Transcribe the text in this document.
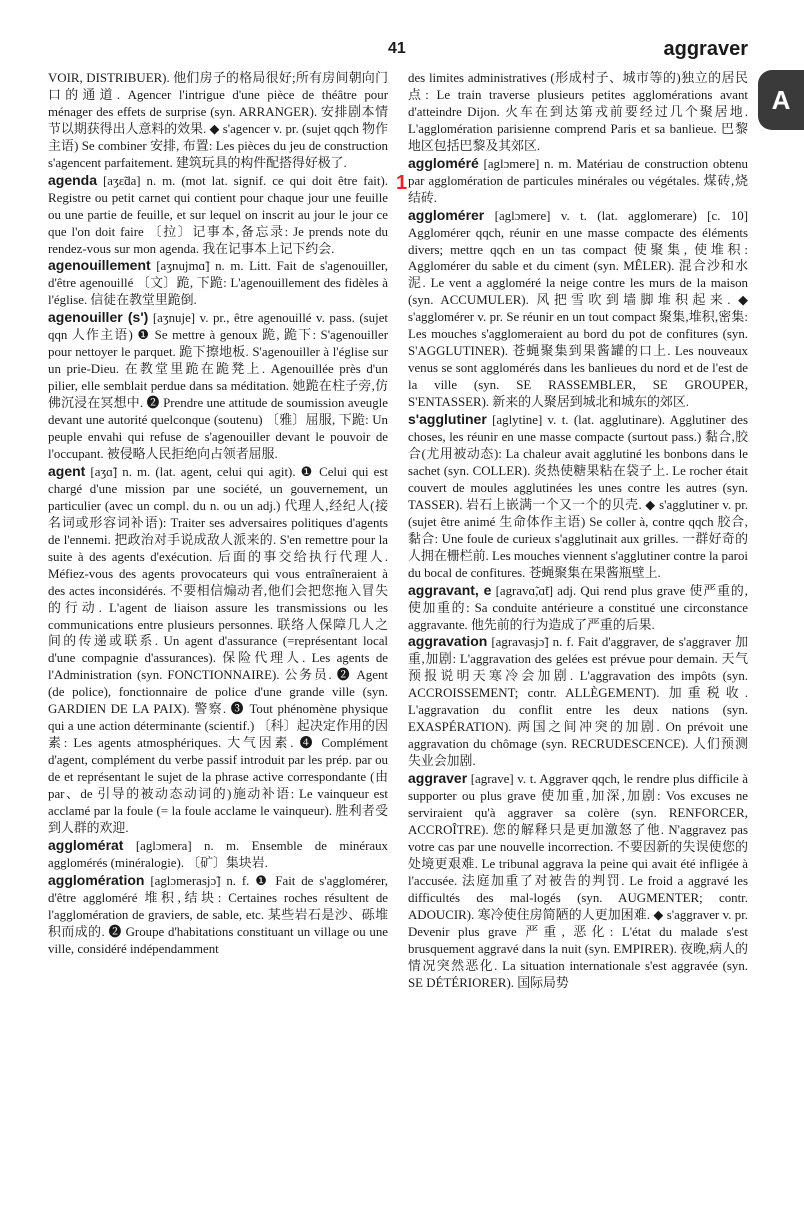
41	aggraver
A
1

VOIR, DISTRIBUER). 他们房子的格局很好;所有房间朝向门口的通道. Agencer l'intrigue d'une pièce de théâtre pour ménager des effets de surprise (syn. ARRANGER). 安排剧本情节以期获得出人意料的效果. ◆ s'agencer v. pr. (sujet qqch 物作主语) Se combiner 安排, 布置: Les pièces du jeu de construction s'agencent parfaitement. 建筑玩具的构件配搭得好极了.

agenda [aʒɛ̃da] n. m. (mot lat. signif. ce qui doit être fait). Registre ou petit carnet qui contient pour chaque jour une feuille ou une partie de feuille, et sur lequel on inscrit au jour le jour ce que l'on doit faire 〔拉〕记事本,备忘录: Je prends note du rendez-vous sur mon agenda. 我在记事本上记下约会.

agenouillement [aʒnujmɑ̃] n. m. Litt. Fait de s'agenouiller, d'être agenouillé 〔文〕跪, 下跪: L'agenouillement des fidèles à l'église. 信徒在教堂里跪倒.

agenouiller (s') [aʒnuje] v. pr., être agenouillé v. pass. (sujet qqn 人作主语) ❶ Se mettre à genoux 跪, 跪下: S'agenouiller pour nettoyer le parquet. 跪下擦地板. S'agenouiller à l'église sur un prie-Dieu. 在教堂里跪在跪凳上. Agenouillée près d'un pilier, elle semblait perdue dans sa méditation. 她跪在柱子旁,仿佛沉浸在冥想中. ❷ Prendre une attitude de soumission aveugle devant une autorité quelconque (soutenu) 〔雅〕屈服, 下跪: Un peuple envahi qui refuse de s'agenouiller devant le pouvoir de l'occupant. 被侵略人民拒绝向占领者屈服.

agent [aʒɑ̃] n. m. (lat. agent, celui qui agit). ❶ Celui qui est chargé d'une mission par une société, un gouvernement, un particulier (avec un compl. du n. ou un adj.) 代理人,经纪人(接名词或形容词补语): Traiter ses adversaires politiques d'agents de l'ennemi. 把政治对手说成敌人派来的. S'en remettre pour la suite à des agents d'exécution. 后面的事交给执行代理人. Méfiez-vous des agents provocateurs qui vous entraîneraient à des actes inconsidérés. 不要相信煽动者,他们会把您拖入冒失的行动. L'agent de liaison assure les transmissions ou les communications entre plusieurs personnes. 联络人保障几人之间的传递或联系. Un agent d'assurance (=représentant local d'une compagnie d'assurances). 保险代理人. Les agents de l'Administration (syn. FONCTIONNAIRE). 公务员. ❷ Agent (de police), fonctionnaire de police d'une grande ville (syn. GARDIEN DE LA PAIX). 警察. ❸ Tout phénomène physique qui a une action déterminante (scientif.) 〔科〕起决定作用的因素: Les agents atmosphériques. 大气因素. ❹ Complément d'agent, complément du verbe passif introduit par les prép. par ou de et représentant le sujet de la phrase active correspondante (由 par、de 引导的被动态动词的)施动补语: Le vainqueur est acclamé par la foule (= la foule acclame le vainqueur). 胜利者受到人群的欢迎.

agglomérat [aglɔmera] n. m. Ensemble de minéraux agglomérés (minéralogie). 〔矿〕集块岩.

agglomération [aglɔmerasjɔ̃] n. f. ❶ Fait de s'agglomérer, d'être aggloméré 堆积,结块: Certaines roches résultent de l'agglomération de graviers, de sable, etc. 某些岩石是沙、砾堆积而成的. ❷ Groupe d'habitations constituant un village ou une ville, considéré indépendamment

des limites administratives (形成村子、城市等的)独立的居民点: Le train traverse plusieurs petites agglomérations avant d'atteindre Dijon. 火车在到达第戎前要经过几个聚居地. L'agglomération parisienne comprend Paris et sa banlieue. 巴黎地区包括巴黎及其郊区.

aggloméré [aglɔmere] n. m. Matériau de construction obtenu par agglomération de particules minérales ou végétales. 煤砖,烧结砖.

agglomérer [aglɔmere] v. t. (lat. agglomerare) [c. 10] Agglomérer qqch, réunir en une masse compacte des éléments divers; mettre qqch en un tas compact 使聚集, 使堆积: Agglomérer du sable et du ciment (syn. MÊLER). 混合沙和水泥. Le vent a aggloméré la neige contre les murs de la maison (syn. ACCUMULER). 风把雪吹到墙脚堆积起来. ◆ s'agglomérer v. pr. Se réunir en un tout compact 聚集,堆积,密集: Les mouches s'agglomeraient au bord du pot de confitures (syn. S'AGGLUTINER). 苍蝇聚集到果酱罐的口上. Les nouveaux venus se sont agglomérés dans les banlieues du nord et de l'est de la ville (syn. SE RASSEMBLER, SE GROUPER, S'ENTASSER). 新来的人聚居到城北和城东的郊区.

s'agglutiner [aglytine] v. t. (lat. agglutinare). Agglutiner des choses, les réunir en une masse compacte (surtout pass.) 黏合,胶合(尤用被动态): La chaleur avait agglutiné les bonbons dans le sachet (syn. COLLER). 炎热使糖果粘在袋子上. Le rocher était couvert de moules agglutinées les unes contre les autres (syn. TASSER). 岩石上嵌满一个又一个的贝壳. ◆ s'agglutiner v. pr. (sujet être animé 生命体作主语) Se coller à, contre qqch 胶合,黏合: Une foule de curieux s'agglutinait aux grilles. 一群好奇的人拥在栅栏前. Les mouches viennent s'agglutiner contre la paroi du bocal de confitures. 苍蝇聚集在果酱瓶壁上.

aggravant, e [agravɑ̃,ɑ̃t] adj. Qui rend plus grave 使严重的, 使加重的: Sa conduite antérieure a constitué une circonstance aggravante. 他先前的行为造成了严重的后果.

aggravation [agravasjɔ̃] n. f. Fait d'aggraver, de s'aggraver 加重,加剧: L'aggravation des gelées est prévue pour demain. 天气预报说明天寒冷会加剧. L'aggravation des impôts (syn. ACCROISSEMENT; contr. ALLÈGEMENT). 加重税收. L'aggravation du conflit entre les deux nations (syn. EXASPÉRATION). 两国之间冲突的加剧. On prévoit une aggravation du chômage (syn. RECRUDESCENCE). 人们预测失业会加剧.

aggraver [agrave] v. t. Aggraver qqch, le rendre plus difficile à supporter ou plus grave 使加重,加深,加剧: Vos excuses ne serviraient qu'à aggraver sa colère (syn. RENFORCER, ACCROÎTRE). 您的解释只是更加激怒了他. N'aggravez pas votre cas par une nouvelle incorrection. 不要因新的失误使您的处境更艰难. Le tribunal aggrava la peine qui avait été infligée à l'accusée. 法庭加重了对被告的判罚. Le froid a aggravé les difficultés des mal-logés (syn. AUGMENTER; contr. ADOUCIR). 寒冷使住房简陋的人更加困难. ◆ s'aggraver v. pr. Devenir plus grave 严重, 恶化: L'état du malade s'est brusquement aggravé dans la nuit (syn. EMPIRER). 夜晚,病人的情况突然恶化. La situation internationale s'est aggravée (syn. SE DÉTÉRIORER). 国际局势
